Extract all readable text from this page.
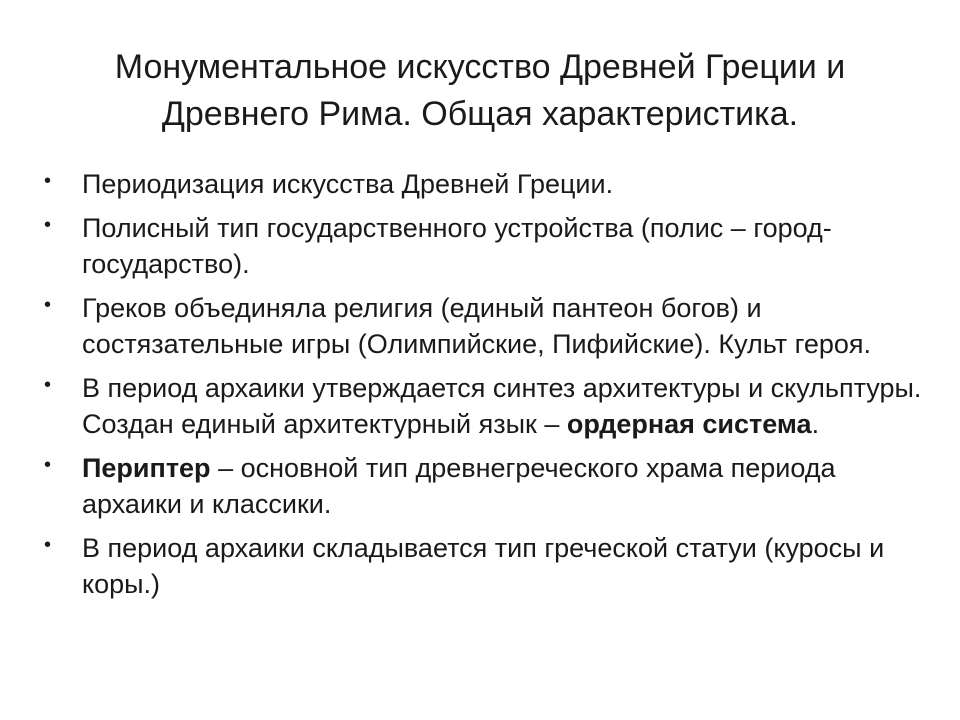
Монументальное искусство Древней Греции и
Древнего Рима. Общая характеристика.
• Периодизация искусства Древней Греции.
• Полисный тип государственного устройства (полис – город-государство).
• Греков объединяла религия (единый пантеон богов) и состязательные игры (Олимпийские, Пифийские). Культ героя.
• В период архаики утверждается синтез архитектуры и скульптуры. Создан единый архитектурный язык – ордерная система.
• Периптер – основной тип древнегреческого храма периода архаики и классики.
• В период архаики складывается тип греческой статуи (куросы и коры.)
